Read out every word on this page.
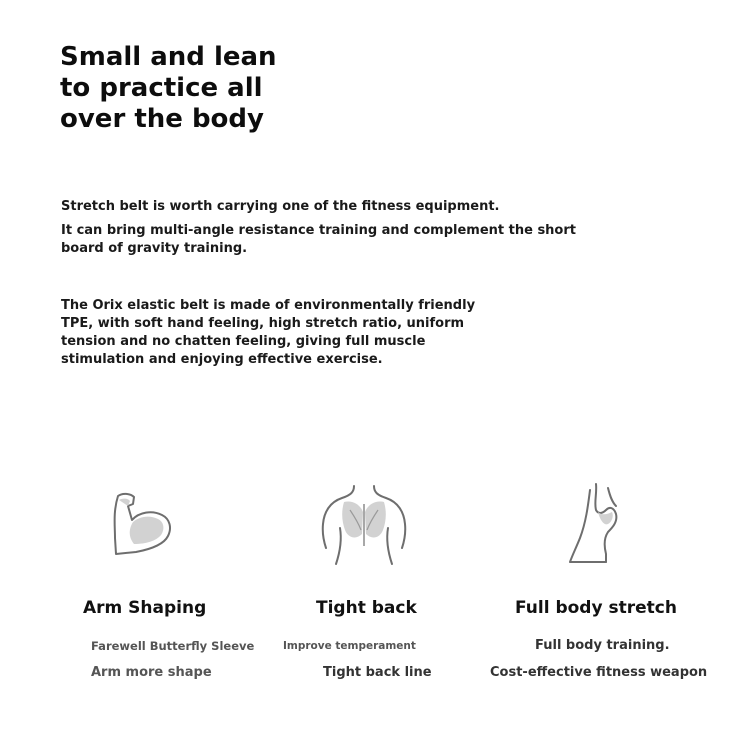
Small and lean
to practice all
over the body

Stretch belt is worth carrying one of the fitness equipment.

It can bring multi-angle resistance training and complement the short board of gravity training.

The Orix elastic belt is made of environmentally friendly TPE, with soft hand feeling, high stretch ratio, uniform tension and no chatten feeling, giving full muscle stimulation and enjoying effective exercise.

Arm Shaping

Farewell Butterfly Sleeve

Arm more shape

Tight back

Improve temperament

Tight back line

Full body stretch

Full body training.

Cost-effective fitness weapon
